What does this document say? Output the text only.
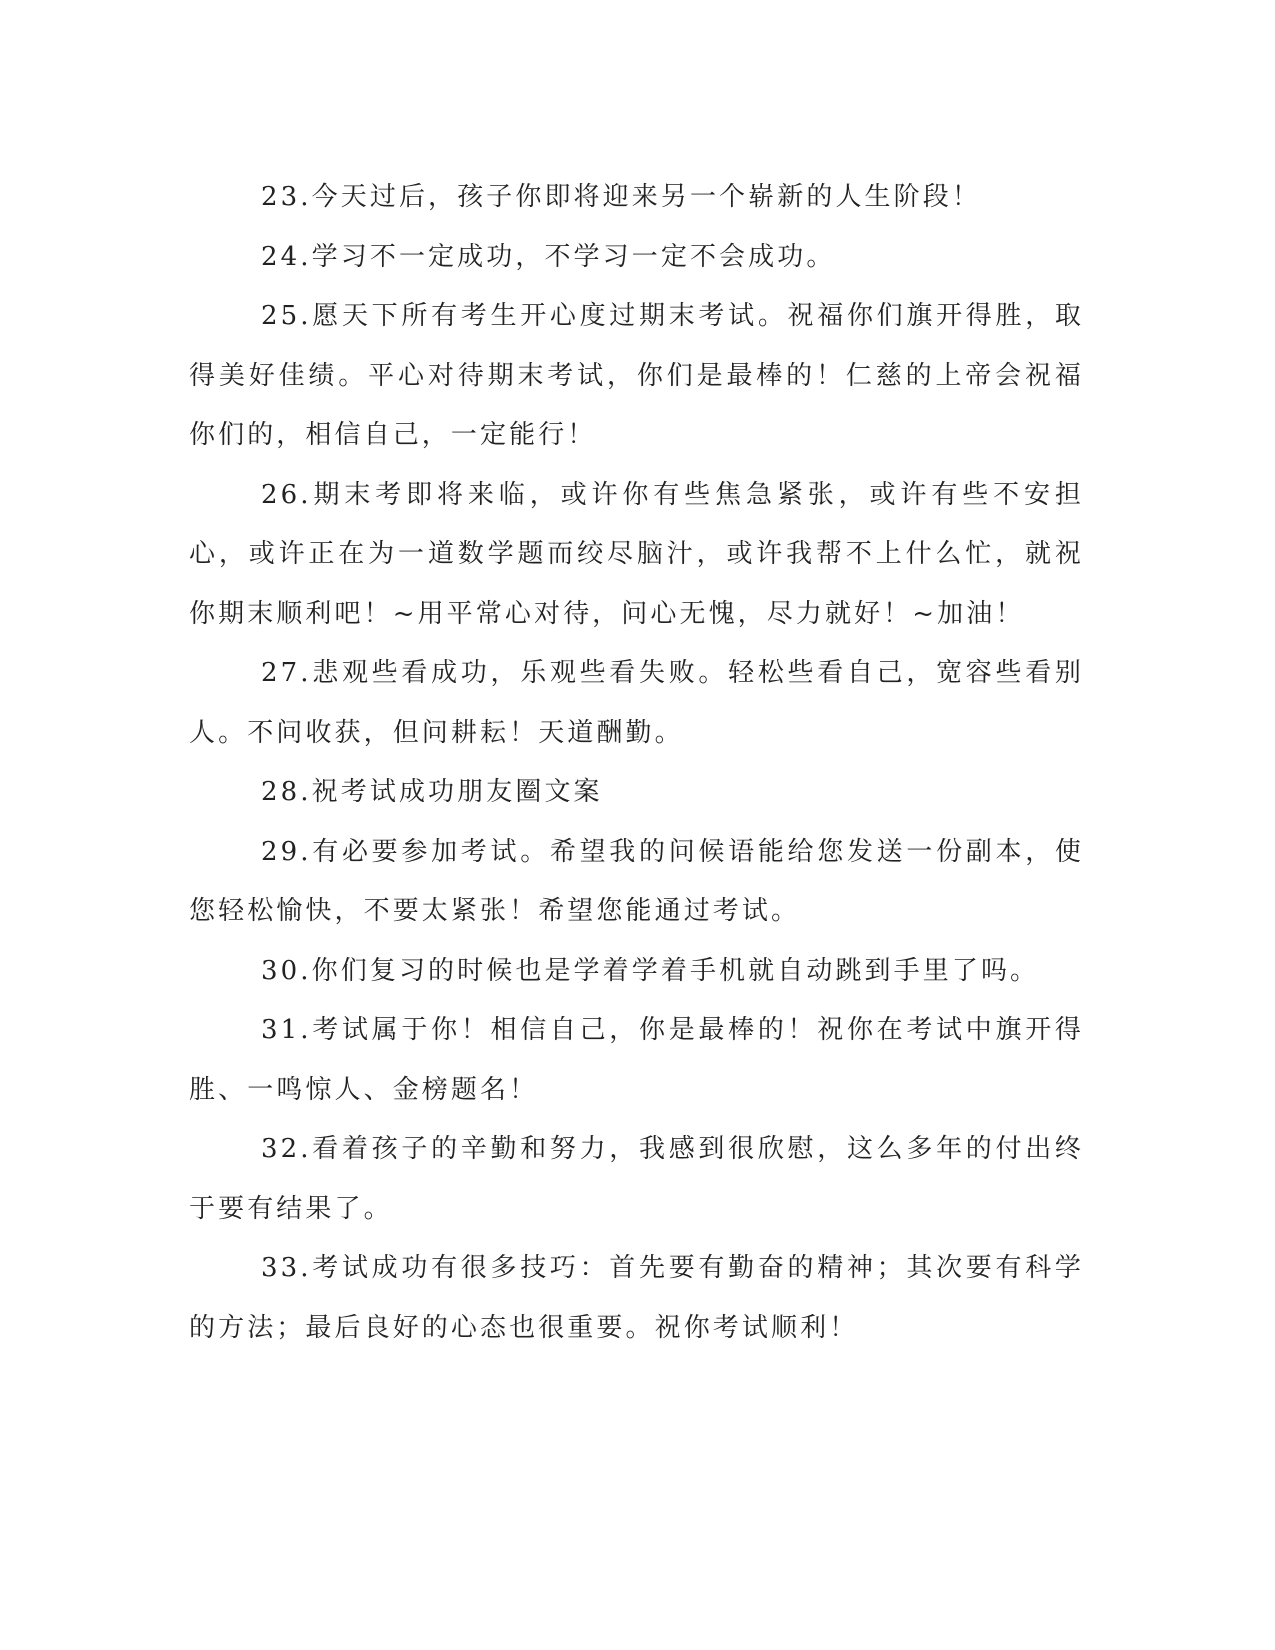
23.今天过后，孩子你即将迎来另一个崭新的人生阶段！

24.学习不一定成功，不学习一定不会成功。

25.愿天下所有考生开心度过期末考试。祝福你们旗开得胜，取得美好佳绩。平心对待期末考试，你们是最棒的！仁慈的上帝会祝福你们的，相信自己，一定能行！

26.期末考即将来临，或许你有些焦急紧张，或许有些不安担心，或许正在为一道数学题而绞尽脑汁，或许我帮不上什么忙，就祝你期末顺利吧！~用平常心对待，问心无愧，尽力就好！~加油！

27.悲观些看成功，乐观些看失败。轻松些看自己，宽容些看别人。不问收获，但问耕耘！天道酬勤。

28.祝考试成功朋友圈文案

29.有必要参加考试。希望我的问候语能给您发送一份副本，使您轻松愉快，不要太紧张！希望您能通过考试。

30.你们复习的时候也是学着学着手机就自动跳到手里了吗。

31.考试属于你！相信自己，你是最棒的！祝你在考试中旗开得胜、一鸣惊人、金榜题名！

32.看着孩子的辛勤和努力，我感到很欣慰，这么多年的付出终于要有结果了。

33.考试成功有很多技巧：首先要有勤奋的精神；其次要有科学的方法；最后良好的心态也很重要。祝你考试顺利！
